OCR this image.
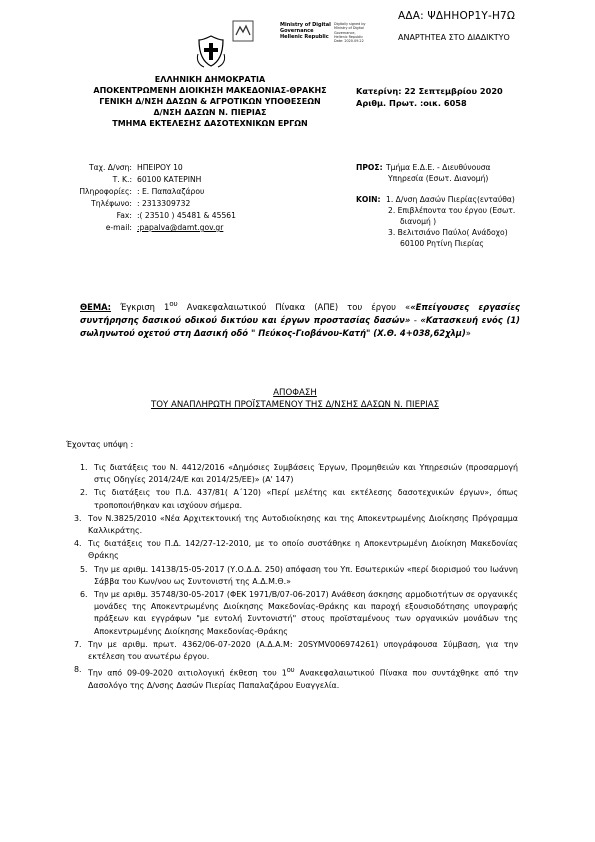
ΑΔΑ: ΨΔΗΗΟΡ1Υ-Η7Ω
Ministry of Digital
Governance
Hellenic Republic
Digitally signed by
Ministry of Digital
Governance,
Hellenic Republic
Date: 2020.09.22	ΑΝΑΡΤΗΤΕΑ ΣΤΟ ΔΙΑΔΙΚΤΥΟ
ΕΛΛΗΝΙΚΗ ΔΗΜΟΚΡΑΤΙΑ
ΑΠΟΚΕΝΤΡΩΜΕΝΗ ΔΙΟΙΚΗΣΗ ΜΑΚΕΔΟΝΙΑΣ-ΘΡΑΚΗΣ
ΓΕΝΙΚΗ Δ/ΝΣΗ ΔΑΣΩΝ & ΑΓΡΟΤΙΚΩΝ ΥΠΟΘΕΣΕΩΝ
Δ/ΝΣΗ ΔΑΣΩΝ Ν. ΠΙΕΡΙΑΣ
ΤΜΗΜΑ ΕΚΤΕΛΕΣΗΣ ΔΑΣΟΤΕΧΝΙΚΩΝ ΕΡΓΩΝ
Κατερίνη: 22 Σεπτεμβρίου 2020
Αριθμ. Πρωτ. :οικ. 6058
Ταχ. Δ/νση: ΗΠΕΙΡΟΥ 10
Τ. Κ.: 60100 ΚΑΤΕΡΙΝΗ
Πληροφορίες: : Ε. Παπαλαζάρου
Τηλέφωνο: : 2313309732
Fax: :( 23510 ) 45481 & 45561
e-mail: :papalva@damt.gov.gr
ΠΡΟΣ: Τμήμα Ε.Δ.Ε. - Διευθύνουσα
Υπηρεσία (Εσωτ. Διανομή)
ΚΟΙΝ: 1. Δ/νση Δασών Πιερίας(ενταύθα)
2. Επιβλέποντα του έργου (Εσωτ.
διανομή )
3. Βελιτσιάνο Παύλο( Ανάδοχο)
60100 Ρητίνη Πιερίας
ΘΕΜΑ: Έγκριση $1^{o\upsilon}$ Ανακεφαλαιωτικού Πίνακα (ΑΠΕ) του έργου ««Επείγουσες εργασίες συντήρησης δασικού οδικού δικτύου και έργων προστασίας δασών» - «Κατασκευή ενός (1) σωληνωτού οχετού στη Δασική οδό " Πεύκος-Γιοβάνου-Κατή" (Χ.Θ. 4+038,62χλμ)»
ΑΠΟΦΑΣΗ
ΤΟΥ ΑΝΑΠΛΗΡΩΤΗ ΠΡΟΪΣΤΑΜΕΝΟΥ ΤΗΣ Δ/ΝΣΗΣ ΔΑΣΩΝ Ν. ΠΙΕΡΙΑΣ
Έχοντας υπόψη :
1. Τις διατάξεις του Ν. 4412/2016 «Δημόσιες Συμβάσεις Έργων, Προμηθειών και Υπηρεσιών (προσαρμογή στις Οδηγίες 2014/24/Ε και 2014/25/ΕΕ)» (Α' 147)
2. Τις διατάξεις του Π.Δ. 437/81( Α΄120) «Περί μελέτης και εκτέλεσης δασοτεχνικών έργων», όπως τροποποιήθηκαν και ισχύουν σήμερα.
3. Τον Ν.3825/2010 «Νέα Αρχιτεκτονική της Αυτοδιοίκησης και της Αποκεντρωμένης Διοίκησης Πρόγραμμα Καλλικράτης.
4. Τις διατάξεις του Π.Δ. 142/27-12-2010, με το οποίο συστάθηκε η Αποκεντρωμένη Διοίκηση Μακεδονίας Θράκης
5. Την με αριθμ. 14138/15-05-2017 (Υ.Ο.Δ.Δ. 250) απόφαση του Υπ. Εσωτερικών «περί διορισμού του Ιωάννη Σάββα του Κων/νου ως Συντονιστή της Α.Δ.Μ.Θ.»
6. Την με αριθμ. 35748/30-05-2017 (ΦΕΚ 1971/Β/07-06-2017) Ανάθεση άσκησης αρμοδιοτήτων σε οργανικές μονάδες της Αποκεντρωμένης Διοίκησης Μακεδονίας-Θράκης και παροχή εξουσιοδότησης υπογραφής πράξεων και εγγράφων "με εντολή Συντονιστή" στους προϊσταμένους των οργανικών μονάδων της Αποκεντρωμένης Διοίκησης Μακεδονίας-Θράκης
7. Την με αριθμ. πρωτ. 4362/06-07-2020 (Α.Δ.Α.Μ: 20SYMV006974261) υπογράφουσα Σύμβαση, για την εκτέλεση του ανωτέρω έργου.
8. Την από 09-09-2020 αιτιολογική έκθεση του $1^{o\upsilon}$ Ανακεφαλαιωτικού Πίνακα που συντάχθηκε από την Δασολόγο της Δ/νσης Δασών Πιερίας Παπαλαζάρου Ευαγγελία.
